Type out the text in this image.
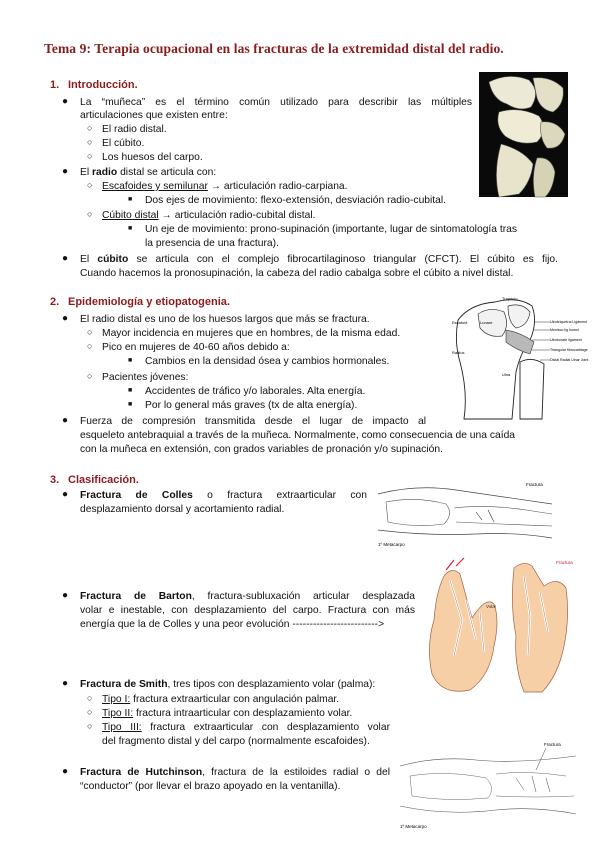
Tema 9: Terapia ocupacional en las fracturas de la extremidad distal del radio.
1. Introducción.
● La “muñeca” es el término común utilizado para describir las múltiples
articulaciones que existen entre:
○ El radio distal.
○ El cúbito.
○ Los huesos del carpo.
● El radio distal se articula con:
○ Escafoides y semilunar → articulación radio-carpiana.
■ Dos ejes de movimiento: flexo-extensión, desviación radio-cubital.
○ Cúbito distal → articulación radio-cubital distal.
■ Un eje de movimiento: prono-supinación (importante, lugar de sintomatología tras
la presencia de una fractura).
● El cúbito se articula con el complejo fibrocartilaginoso triangular (CFCT). El cúbito es fijo.
Cuando hacemos la pronosupinación, la cabeza del radio cabalga sobre el cúbito a nivel distal.
2. Epidemiología y etiopatogenia.
● El radio distal es uno de los huesos largos que más se fractura.
○ Mayor incidencia en mujeres que en hombres, de la misma edad.
○ Pico en mujeres de 40-60 años debido a:
■ Cambios en la densidad ósea y cambios hormonales.
○ Pacientes jóvenes:
■ Accidentes de tráfico y/o laborales. Alta energía.
■ Por lo general más graves (tx de alta energía).
● Fuerza de compresión transmitida desde el lugar de impacto al
esqueleto antebraquial a través de la muñeca. Normalmente, como consecuencia de una caída
con la muñeca en extensión, con grados variables de pronación y/o supinación.
3. Clasificación.
● Fractura de Colles o fractura extraarticular con
desplazamiento dorsal y acortamiento radial.
● Fractura de Barton, fractura-subluxación articular desplazada
volar e inestable, con desplazamiento del carpo. Fractura con más
energía que la de Colles y una peor evolución ------------------------->
● Fractura de Smith, tres tipos con desplazamiento volar (palma):
○ Tipo I: fractura extraarticular con angulación palmar.
○ Tipo II: fractura intraarticular con desplazamiento volar.
○ Tipo III: fractura extraarticular con desplazamiento volar
del fragmento distal y del carpo (normalmente escafoides).
● Fractura de Hutchinson, fractura de la estiloides radial o del
“conductor” (por llevar el brazo apoyado en la ventanilla).
Trapecio
Lunare
Escafoid
Radius
Ulna
Ulnotriquetral Ligament
Menisco lig homol
Ulnolunate ligament
Triangular fibrocartilage
Distal Radial Ulnar Joint
Fractura
1º Metacarpo
Fractura
Volar
Fractura
1º Metacarpo
